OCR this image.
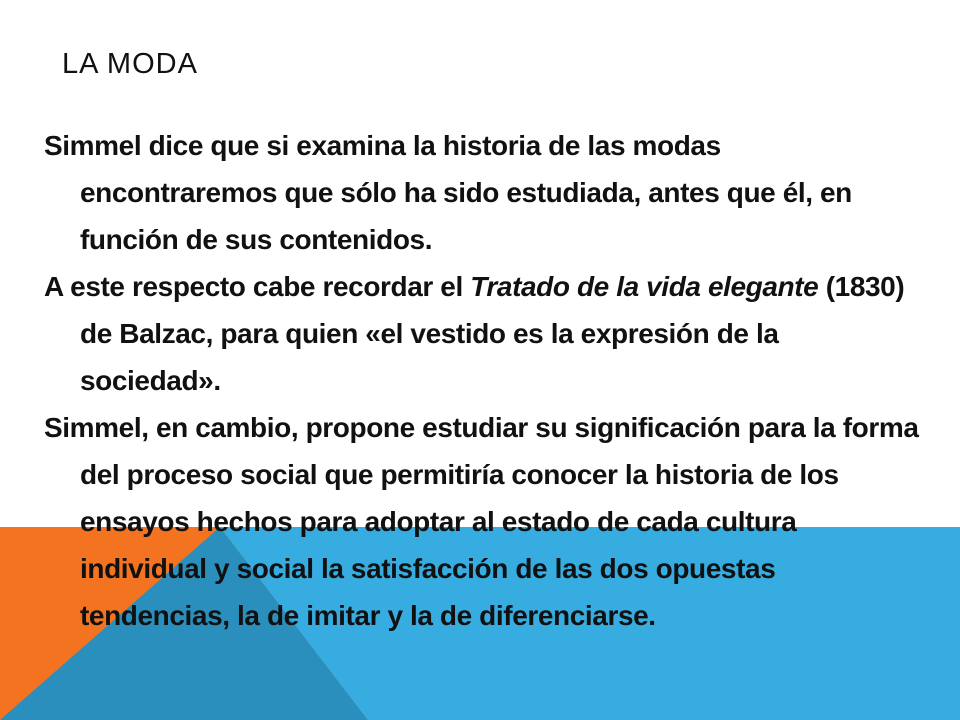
LA MODA

Simmel dice que si examina la historia de las modas encontraremos que sólo ha sido estudiada, antes que él, en función de sus contenidos.

A este respecto cabe recordar el Tratado de la vida elegante (1830) de Balzac, para quien «el vestido es la expresión de la sociedad».

Simmel, en cambio, propone estudiar su significación para la forma del proceso social que permitiría conocer la historia de los ensayos hechos para adoptar al estado de cada cultura individual y social la satisfacción de las dos opuestas tendencias, la de imitar y la de diferenciarse.
